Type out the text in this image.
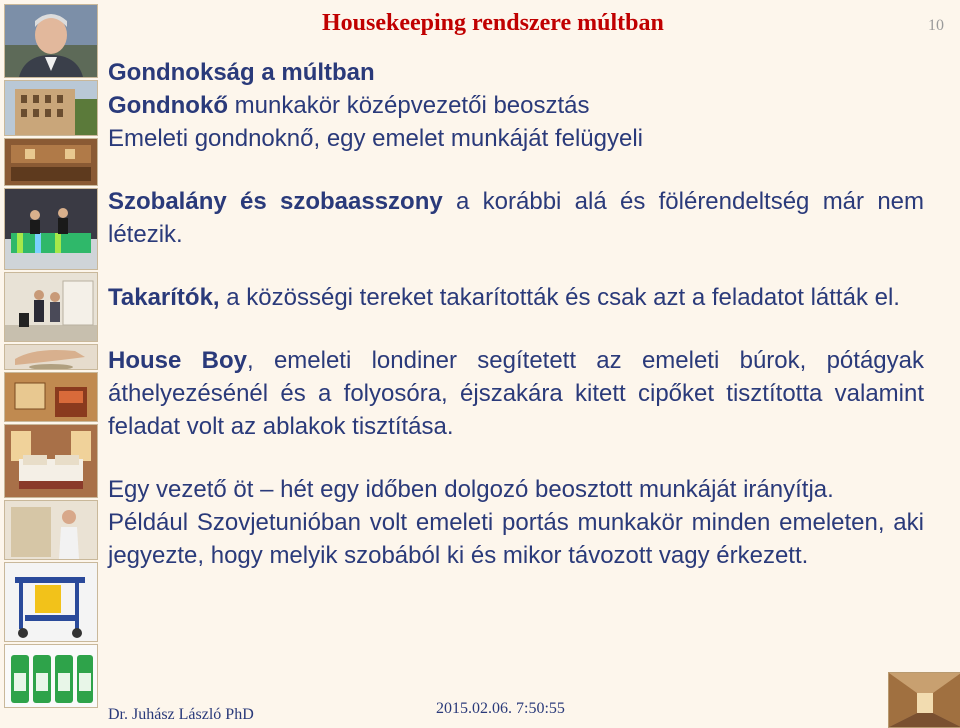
Housekeeping rendszere múltban	10

Gondnokság a múltban

Gondnokő munkakör középvezetői beosztás

Emeleti gondnoknő, egy emelet munkáját felügyeli

Szobalány és szobaasszony a korábbi alá és fölérendeltség már nem létezik.

Takarítók, a közösségi tereket takarították és csak azt a feladatot látták el.

House Boy, emeleti londiner segítetett az emeleti búrok, pótágyak áthelyezésénél és a folyosóra, éjszakára kitett cipőket tisztította valamint feladat volt az ablakok tisztítása.

Egy vezető öt – hét egy időben dolgozó beosztott munkáját irányítja.

Például Szovjetunióban volt emeleti portás munkakör minden emeleten, aki jegyezte, hogy melyik szobából ki és mikor távozott vagy érkezett.

Dr. Juhász László PhD	2015.02.06. 7:50:55
